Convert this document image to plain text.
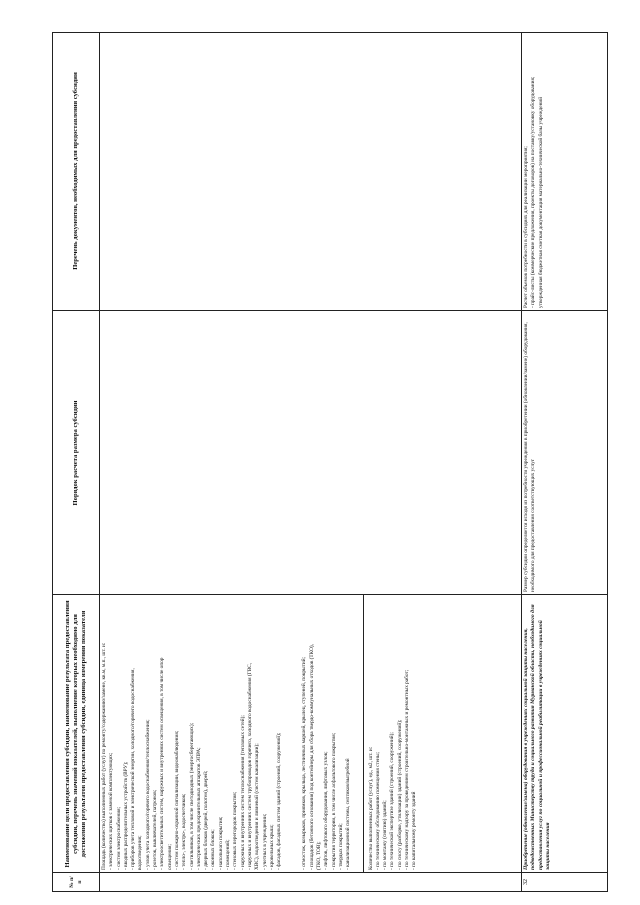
№ п/п
Наименование цели предоставления субсидии, наименование результата предоставления субсидии, перечень значений показателей, выполнение которых необходимо для достижения результатов предоставления субсидии, единица измерения показателя
Порядок расчета размера субсидии
Перечень документов, необходимых для предоставления субсидии
Площадь (количество) выполненных работ (услуг) по ремонту/содержанию/замене, кв.м, м.п., шт. и: - электрических щитков с заменой комплектующих; - систем электроснабжения; - вводных распределительных устройств (ВРУ); - приборов учета тепловой и электрической энергии, холодного/горячего водоснабжения, водоотведения; - узлов учета холодного/горячего водоснабжения/теплоснабжения; - розеток, выключателей, патронов; - электроосветительных систем, наружных и внутренних систем освещения, в том числе опор освещения; - систем пожарно-охранной сигнализации, видеонаблюдения; - тепло-, электро-, водосчетчиков; - светильников, в том числе светодиодных (энергосберегающих); - электрических предохранительных аппаратов ЭПРА; - дверных блоков (дверей, полотен), дверей; - оконных блоков; - напольного покрытия; - помещений; - стеновых перегородок покрытия; - наружных и внутренних систем теплоснабжения (тепловых сетей); - наружных и внутренних систем трубопроводов горячего, холодного водоснабжения (ГВС, ХВС), водоотведения и ливневой (систем канализации); - учетных в учреждении; - кровельных крыш; - фасадов, фасадных систем зданий (строений, сооружений);	- отмосток, козырьков, приямков, крыльца, лестничных маршей, крылец, ступеней, покрытий; - площадок (бетонного основания) под контейнеры для сбора твердо-коммунальных отходов (ТКО), (ТКО, ТОВ); - лифтов, лифтового оборудования, лифтовых узлов; - покрытия территории, в том числе асфальтового покрытия; - твердых покрытий; - канализационной системы, септиков/выгребной	Количество выполненных работ (услуг), ед., м2, шт. и: - по техническому обследованию помещения стены; - по монтажу (снятию) зданий; - по технической экспертизе зданий (строений, сооружений); - по сносу (разборке, утилизации) зданий (строений, сооружений); - по техническому надзору за проведением строительно-монтажных и ремонтных работ; - по капитальному ремонту зданий
32
Приобретение (обновление/замена) оборудования в учреждениях социальной защиты населения, подведомственных Министерству труда и социального развития Мурманской области, необходимого для предоставления услуг по социальной и профессиональной реабилитации в учреждениях социальной защиты населения
Размер субсидии определяется исходя из потребности учреждения в приобретении (обновлении/замене) оборудования, необходимого для предоставления соответствующих услуг
Расчет объемов потребности в субсидиях для реализации мероприятия; - прайс-листы (коммерческие предложения, проекты договоров) на поставку/установку оборудования; утвержденная бюджетная сметная документация материально-технической базы учреждений
